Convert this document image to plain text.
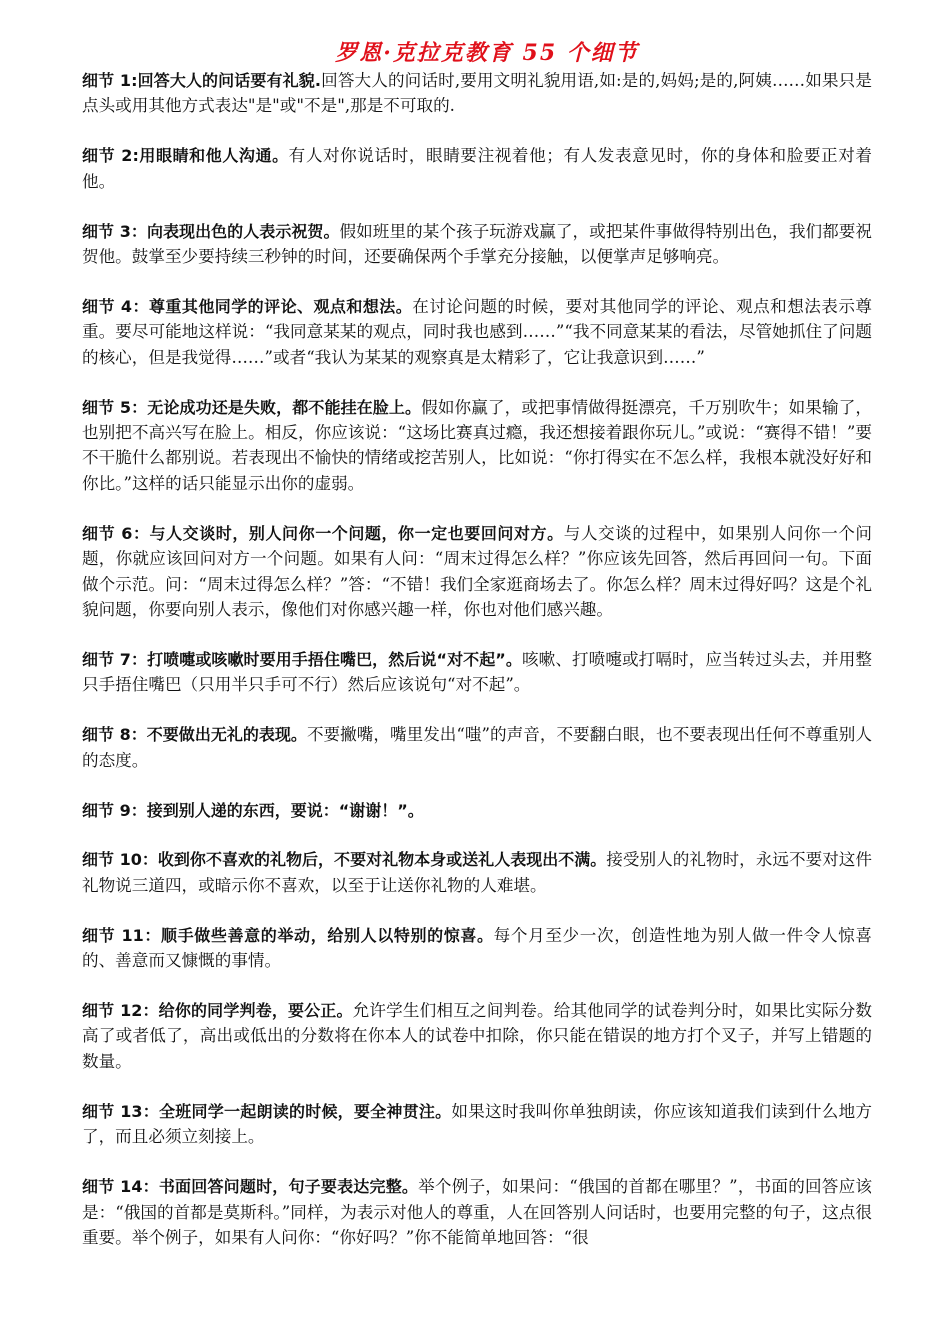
罗恩·克拉克教育 55 个细节
细节 1:回答大人的问话要有礼貌.回答大人的问话时,要用文明礼貌用语,如:是的,妈妈;是的,阿姨……如果只是点头或用其他方式表达"是"或"不是",那是不可取的.
细节 2:用眼睛和他人沟通。有人对你说话时，眼睛要注视着他；有人发表意见时，你的身体和脸要正对着他。
细节 3：向表现出色的人表示祝贺。假如班里的某个孩子玩游戏赢了，或把某件事做得特别出色，我们都要祝贺他。鼓掌至少要持续三秒钟的时间，还要确保两个手掌充分接触，以便掌声足够响亮。
细节 4：尊重其他同学的评论、观点和想法。在讨论问题的时候，要对其他同学的评论、观点和想法表示尊重。要尽可能地这样说：“我同意某某的观点，同时我也感到……”“我不同意某某的看法，尽管她抓住了问题的核心，但是我觉得……”或者“我认为某某的观察真是太精彩了，它让我意识到……”
细节 5：无论成功还是失败，都不能挂在脸上。假如你赢了，或把事情做得挺漂亮，千万别吹牛；如果输了，也别把不高兴写在脸上。相反，你应该说：“这场比赛真过瘾，我还想接着跟你玩儿。”或说：“赛得不错！”要不干脆什么都别说。若表现出不愉快的情绪或挖苦别人，比如说：“你打得实在不怎么样，我根本就没好好和你比。”这样的话只能显示出你的虚弱。
细节 6：与人交谈时，别人问你一个问题，你一定也要回问对方。与人交谈的过程中，如果别人问你一个问题，你就应该回问对方一个问题。如果有人问：“周末过得怎么样？”你应该先回答，然后再回问一句。下面做个示范。问：“周末过得怎么样？”答：“不错！我们全家逛商场去了。你怎么样？周末过得好吗？这是个礼貌问题，你要向别人表示，像他们对你感兴趣一样，你也对他们感兴趣。
细节 7：打喷嚏或咳嗽时要用手捂住嘴巴，然后说“对不起”。咳嗽、打喷嚏或打嗝时，应当转过头去，并用整只手捂住嘴巴（只用半只手可不行）然后应该说句“对不起”。
细节 8：不要做出无礼的表现。不要撇嘴，嘴里发出“嗤”的声音，不要翻白眼，也不要表现出任何不尊重别人的态度。
细节 9：接到别人递的东西，要说：“谢谢！”。
细节 10：收到你不喜欢的礼物后，不要对礼物本身或送礼人表现出不满。接受别人的礼物时，永远不要对这件礼物说三道四，或暗示你不喜欢，以至于让送你礼物的人难堪。
细节 11：顺手做些善意的举动，给别人以特别的惊喜。每个月至少一次，创造性地为别人做一件令人惊喜的、善意而又慷慨的事情。
细节 12：给你的同学判卷，要公正。允许学生们相互之间判卷。给其他同学的试卷判分时，如果比实际分数高了或者低了，高出或低出的分数将在你本人的试卷中扣除，你只能在错误的地方打个叉子，并写上错题的数量。
细节 13：全班同学一起朗读的时候，要全神贯注。如果这时我叫你单独朗读，你应该知道我们读到什么地方了，而且必须立刻接上。
细节 14：书面回答问题时，句子要表达完整。举个例子，如果问：“俄国的首都在哪里？”，书面的回答应该是：“俄国的首都是莫斯科。”同样，为表示对他人的尊重，人在回答别人问话时，也要用完整的句子，这点很重要。举个例子，如果有人问你：“你好吗？”你不能简单地回答：“很
